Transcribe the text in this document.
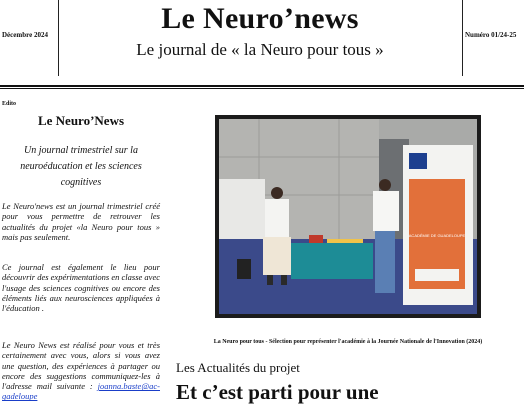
Décembre 2024	Le Neuro’news
Le journal de « la Neuro pour tous »
Numéro 01/24-25
Edito
Le Neuro’News
Un journal trimestriel sur la neuroéducation et les sciences cognitives
Le Neuro'news est un journal trimestriel créé pour vous permettre de retrouver les actualités du projet «la Neuro pour tous » mais pas seulement.
Ce journal est également le lieu pour découvrir des expérimentations en classe avec l'usage des sciences cognitives ou encore des éléments liés aux neurosciences appliquées à l'éducation .
Le Neuro News est réalisé pour vous et très certainement avec vous, alors si vous avez une question, des expériences à partager ou encore des suggestions communiquez-les à l'adresse mail suivante : joanna.baste@ac-gadeloupe
ACADÉMIE DE GUADELOUPE
La Neuro pour tous - Sélection pour représenter l'académie à la Journée Nationale de l'Innovation (2024)
Les Actualités du projet
Et c’est parti pour une
